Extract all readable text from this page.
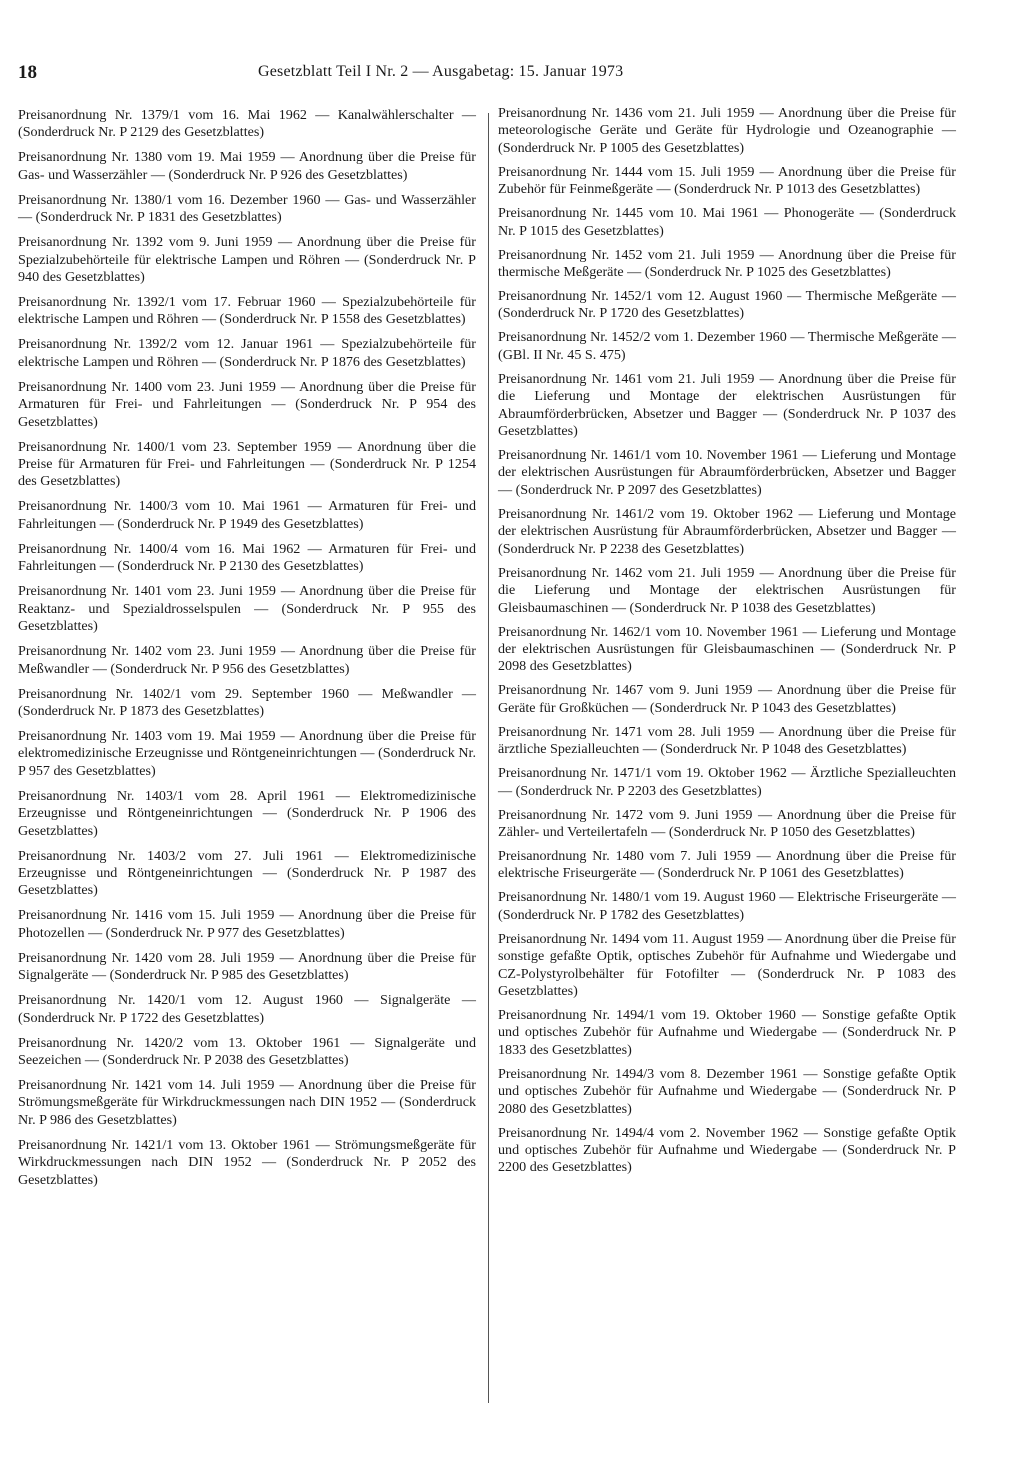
18	Gesetzblatt Teil I Nr. 2 — Ausgabetag: 15. Januar 1973

Preisanordnung Nr. 1379/1 vom 16. Mai 1962 — Kanalwählerschalter — (Sonderdruck Nr. P 2129 des Gesetzblattes)

Preisanordnung Nr. 1380 vom 19. Mai 1959 — Anordnung über die Preise für Gas- und Wasserzähler — (Sonderdruck Nr. P 926 des Gesetzblattes)

Preisanordnung Nr. 1380/1 vom 16. Dezember 1960 — Gas- und Wasserzähler — (Sonderdruck Nr. P 1831 des Gesetzblattes)

Preisanordnung Nr. 1392 vom 9. Juni 1959 — Anordnung über die Preise für Spezialzubehörteile für elektrische Lampen und Röhren — (Sonderdruck Nr. P 940 des Gesetzblattes)

Preisanordnung Nr. 1392/1 vom 17. Februar 1960 — Spezialzubehörteile für elektrische Lampen und Röhren — (Sonderdruck Nr. P 1558 des Gesetzblattes)

Preisanordnung Nr. 1392/2 vom 12. Januar 1961 — Spezialzubehörteile für elektrische Lampen und Röhren — (Sonderdruck Nr. P 1876 des Gesetzblattes)

Preisanordnung Nr. 1400 vom 23. Juni 1959 — Anordnung über die Preise für Armaturen für Frei- und Fahrleitungen — (Sonderdruck Nr. P 954 des Gesetzblattes)

Preisanordnung Nr. 1400/1 vom 23. September 1959 — Anordnung über die Preise für Armaturen für Frei- und Fahrleitungen — (Sonderdruck Nr. P 1254 des Gesetzblattes)

Preisanordnung Nr. 1400/3 vom 10. Mai 1961 — Armaturen für Frei- und Fahrleitungen — (Sonderdruck Nr. P 1949 des Gesetzblattes)

Preisanordnung Nr. 1400/4 vom 16. Mai 1962 — Armaturen für Frei- und Fahrleitungen — (Sonderdruck Nr. P 2130 des Gesetzblattes)

Preisanordnung Nr. 1401 vom 23. Juni 1959 — Anordnung über die Preise für Reaktanz- und Spezialdrosselspulen — (Sonderdruck Nr. P 955 des Gesetzblattes)

Preisanordnung Nr. 1402 vom 23. Juni 1959 — Anordnung über die Preise für Meßwandler — (Sonderdruck Nr. P 956 des Gesetzblattes)

Preisanordnung Nr. 1402/1 vom 29. September 1960 — Meßwandler — (Sonderdruck Nr. P 1873 des Gesetzblattes)

Preisanordnung Nr. 1403 vom 19. Mai 1959 — Anordnung über die Preise für elektromedizinische Erzeugnisse und Röntgeneinrichtungen — (Sonderdruck Nr. P 957 des Gesetzblattes)

Preisanordnung Nr. 1403/1 vom 28. April 1961 — Elektromedizinische Erzeugnisse und Röntgeneinrichtungen — (Sonderdruck Nr. P 1906 des Gesetzblattes)

Preisanordnung Nr. 1403/2 vom 27. Juli 1961 — Elektromedizinische Erzeugnisse und Röntgeneinrichtungen — (Sonderdruck Nr. P 1987 des Gesetzblattes)

Preisanordnung Nr. 1416 vom 15. Juli 1959 — Anordnung über die Preise für Photozellen — (Sonderdruck Nr. P 977 des Gesetzblattes)

Preisanordnung Nr. 1420 vom 28. Juli 1959 — Anordnung über die Preise für Signalgeräte — (Sonderdruck Nr. P 985 des Gesetzblattes)

Preisanordnung Nr. 1420/1 vom 12. August 1960 — Signalgeräte — (Sonderdruck Nr. P 1722 des Gesetzblattes)

Preisanordnung Nr. 1420/2 vom 13. Oktober 1961 — Signalgeräte und Seezeichen — (Sonderdruck Nr. P 2038 des Gesetzblattes)

Preisanordnung Nr. 1421 vom 14. Juli 1959 — Anordnung über die Preise für Strömungsmeßgeräte für Wirkdruckmessungen nach DIN 1952 — (Sonderdruck Nr. P 986 des Gesetzblattes)

Preisanordnung Nr. 1421/1 vom 13. Oktober 1961 — Strömungsmeßgeräte für Wirkdruckmessungen nach DIN 1952 — (Sonderdruck Nr. P 2052 des Gesetzblattes)

Preisanordnung Nr. 1436 vom 21. Juli 1959 — Anordnung über die Preise für meteorologische Geräte und Geräte für Hydrologie und Ozeanographie — (Sonderdruck Nr. P 1005 des Gesetzblattes)

Preisanordnung Nr. 1444 vom 15. Juli 1959 — Anordnung über die Preise für Zubehör für Feinmeßgeräte — (Sonderdruck Nr. P 1013 des Gesetzblattes)

Preisanordnung Nr. 1445 vom 10. Mai 1961 — Phonogeräte — (Sonderdruck Nr. P 1015 des Gesetzblattes)

Preisanordnung Nr. 1452 vom 21. Juli 1959 — Anordnung über die Preise für thermische Meßgeräte — (Sonderdruck Nr. P 1025 des Gesetzblattes)

Preisanordnung Nr. 1452/1 vom 12. August 1960 — Thermische Meßgeräte — (Sonderdruck Nr. P 1720 des Gesetzblattes)

Preisanordnung Nr. 1452/2 vom 1. Dezember 1960 — Thermische Meßgeräte — (GBl. II Nr. 45 S. 475)

Preisanordnung Nr. 1461 vom 21. Juli 1959 — Anordnung über die Preise für die Lieferung und Montage der elektrischen Ausrüstungen für Abraumförderbrücken, Absetzer und Bagger — (Sonderdruck Nr. P 1037 des Gesetzblattes)

Preisanordnung Nr. 1461/1 vom 10. November 1961 — Lieferung und Montage der elektrischen Ausrüstungen für Abraumförderbrücken, Absetzer und Bagger — (Sonderdruck Nr. P 2097 des Gesetzblattes)

Preisanordnung Nr. 1461/2 vom 19. Oktober 1962 — Lieferung und Montage der elektrischen Ausrüstung für Abraumförderbrücken, Absetzer und Bagger — (Sonderdruck Nr. P 2238 des Gesetzblattes)

Preisanordnung Nr. 1462 vom 21. Juli 1959 — Anordnung über die Preise für die Lieferung und Montage der elektrischen Ausrüstungen für Gleisbaumaschinen — (Sonderdruck Nr. P 1038 des Gesetzblattes)

Preisanordnung Nr. 1462/1 vom 10. November 1961 — Lieferung und Montage der elektrischen Ausrüstungen für Gleisbaumaschinen — (Sonderdruck Nr. P 2098 des Gesetzblattes)

Preisanordnung Nr. 1467 vom 9. Juni 1959 — Anordnung über die Preise für Geräte für Großküchen — (Sonderdruck Nr. P 1043 des Gesetzblattes)

Preisanordnung Nr. 1471 vom 28. Juli 1959 — Anordnung über die Preise für ärztliche Spezialleuchten — (Sonderdruck Nr. P 1048 des Gesetzblattes)

Preisanordnung Nr. 1471/1 vom 19. Oktober 1962 — Ärztliche Spezialleuchten — (Sonderdruck Nr. P 2203 des Gesetzblattes)

Preisanordnung Nr. 1472 vom 9. Juni 1959 — Anordnung über die Preise für Zähler- und Verteilertafeln — (Sonderdruck Nr. P 1050 des Gesetzblattes)

Preisanordnung Nr. 1480 vom 7. Juli 1959 — Anordnung über die Preise für elektrische Friseurgeräte — (Sonderdruck Nr. P 1061 des Gesetzblattes)

Preisanordnung Nr. 1480/1 vom 19. August 1960 — Elektrische Friseurgeräte — (Sonderdruck Nr. P 1782 des Gesetzblattes)

Preisanordnung Nr. 1494 vom 11. August 1959 — Anordnung über die Preise für sonstige gefaßte Optik, optisches Zubehör für Aufnahme und Wiedergabe und CZ-Polystyrolbehälter für Fotofilter — (Sonderdruck Nr. P 1083 des Gesetzblattes)

Preisanordnung Nr. 1494/1 vom 19. Oktober 1960 — Sonstige gefaßte Optik und optisches Zubehör für Aufnahme und Wiedergabe — (Sonderdruck Nr. P 1833 des Gesetzblattes)

Preisanordnung Nr. 1494/3 vom 8. Dezember 1961 — Sonstige gefaßte Optik und optisches Zubehör für Aufnahme und Wiedergabe — (Sonderdruck Nr. P 2080 des Gesetzblattes)

Preisanordnung Nr. 1494/4 vom 2. November 1962 — Sonstige gefaßte Optik und optisches Zubehör für Aufnahme und Wiedergabe — (Sonderdruck Nr. P 2200 des Gesetzblattes)
